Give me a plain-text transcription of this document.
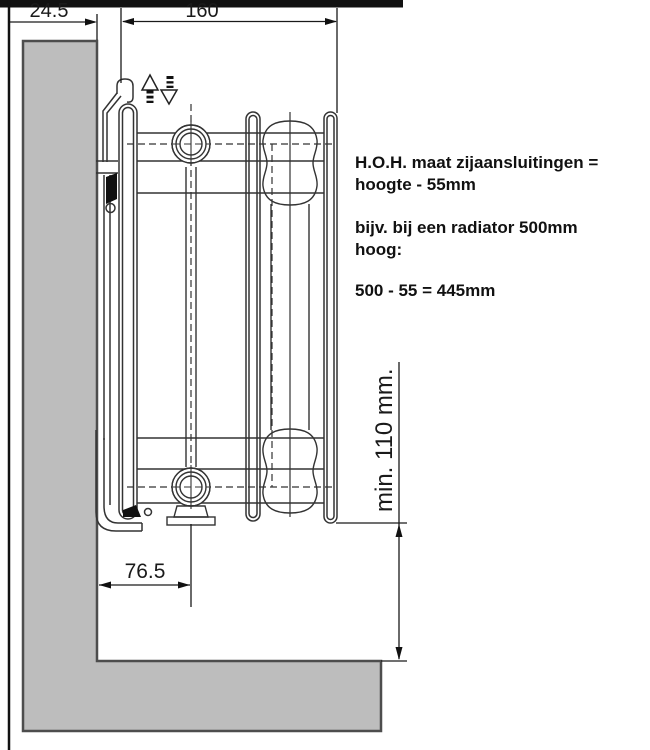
24.5	160
76.5
min. 110 mm.
H.O.H. maat zijaansluitingen =
hoogte - 55mm
bijv. bij een radiator 500mm
hoog:
500 - 55 = 445mm
